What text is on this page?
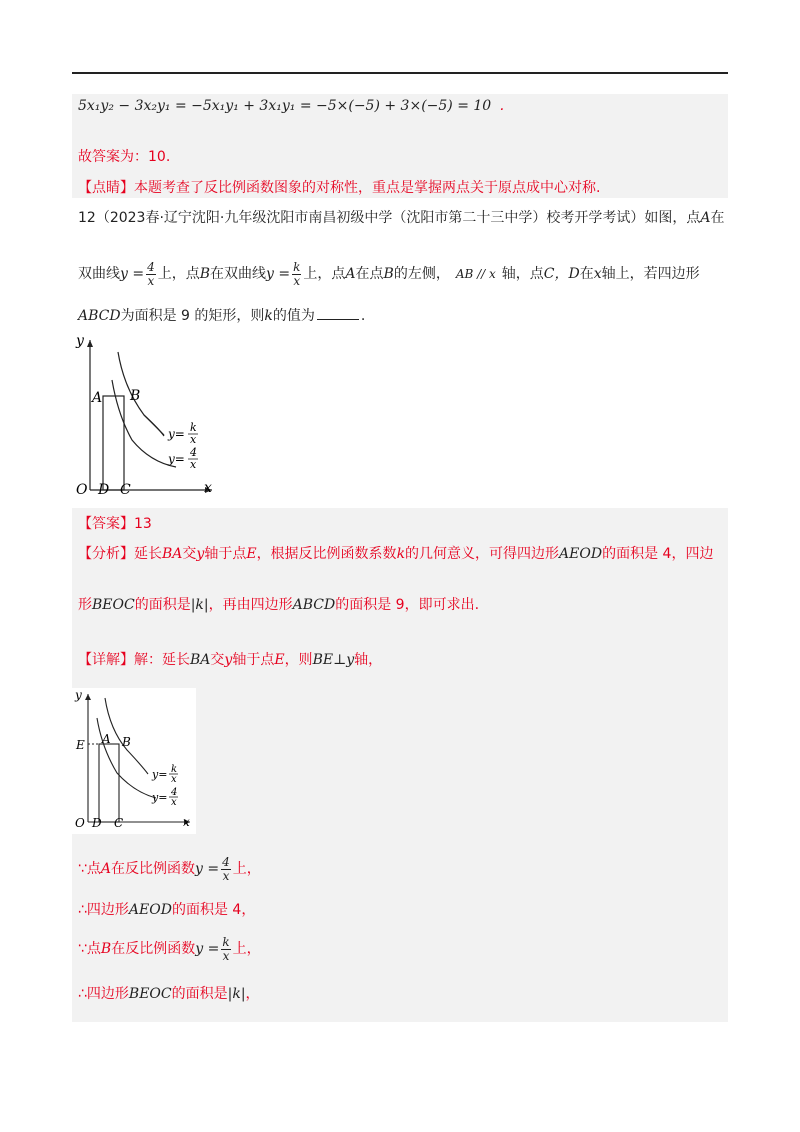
5x₁y₂ − 3x₂y₁ = −5x₁y₁ + 3x₁y₁ = −5×(−5) + 3×(−5) = 10 .
故答案为：10.
【点睛】本题考查了反比例函数图象的对称性，重点是掌握两点关于原点成中心对称.
12（2023春·辽宁沈阳·九年级沈阳市南昌初级中学（沈阳市第二十三中学）校考开学考试）如图，点A在
双曲线$y = \frac{4}{x}$ 上，点B在双曲线$y = \frac{k}{x}$ 上，点A在点B的左侧， AB // x 轴，点C，D在x轴上，若四边形
ABCD为面积是 9 的矩形，则k的值为	.
y
x
O
A B
D C
y= k
x
y= 4
x
【答案】13
【分析】延长BA交y轴于点E，根据反比例函数系数k的几何意义，可得四边形AEOD的面积是 4，四边
形BEOC的面积是|k|，再由四边形ABCD的面积是 9，即可求出.
【详解】解：延长BA交y轴于点E，则BE⊥y轴，
y
x
O
E A B
D C
y= k
x
y= 4
x
∵点A在反比例函数$y = \frac{4}{x}$ 上，
∴四边形AEOD的面积是 4，
∵点B在反比例函数$y = \frac{k}{x}$ 上，
∴四边形BEOC的面积是|k|，
